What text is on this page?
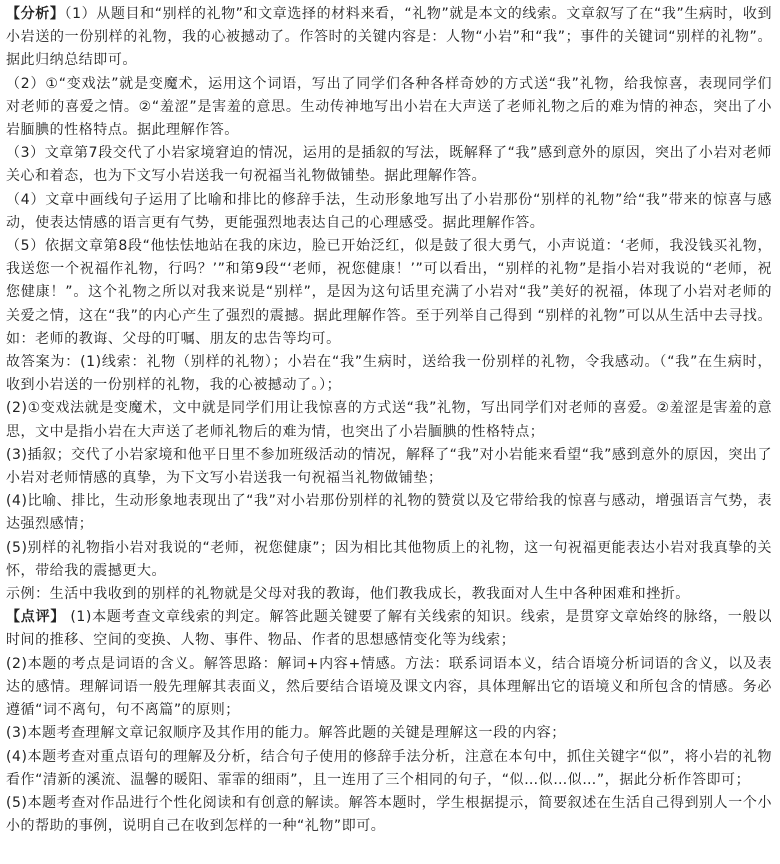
【分析】（1）从题目和“别样的礼物”和文章选择的材料来看，“礼物”就是本文的线索。文章叙写了在“我”生病时，收到小岩送的一份别样的礼物，我的心被撼动了。作答时的关键内容是：人物“小岩”和“我”；事件的关键词“别样的礼物”。据此归纳总结即可。

（2）①“变戏法”就是变魔术，运用这个词语，写出了同学们各种各样奇妙的方式送“我”礼物，给我惊喜，表现同学们对老师的喜爱之情。②“羞涩”是害羞的意思。生动传神地写出小岩在大声送了老师礼物之后的难为情的神态，突出了小岩腼腆的性格特点。据此理解作答。

（3）文章第7段交代了小岩家境窘迫的情况，运用的是插叙的写法，既解释了“我”感到意外的原因，突出了小岩对老师关心和着态，也为下文写小岩送我一句祝福当礼物做铺垫。据此理解作答。

（4）文章中画线句子运用了比喻和排比的修辞手法，生动形象地写出了小岩那份“别样的礼物”给“我”带来的惊喜与感动，使表达情感的语言更有气势，更能强烈地表达自己的心理感受。据此理解作答。

（5）依据文章第8段“他怯怯地站在我的床边，脸已开始泛红，似是鼓了很大勇气，小声说道：‘老师，我没钱买礼物，我送您一个祝福作礼物，行吗？’”和第9段“‘老师，祝您健康！’”可以看出，“别样的礼物”是指小岩对我说的“老师，祝您健康！”。这个礼物之所以对我来说是“别样”，是因为这句话里充满了小岩对“我”美好的祝福，体现了小岩对老师的关爱之情，这在“我”的内心产生了强烈的震撼。据此理解作答。至于列举自己得到 “别样的礼物”可以从生活中去寻找。如：老师的教诲、父母的叮嘱、朋友的忠告等均可。

故答案为：(1)线索：礼物（别样的礼物）；小岩在“我”生病时，送给我一份别样的礼物，令我感动。（“我”在生病时，收到小岩送的一份别样的礼物，我的心被撼动了。）；

(2)①变戏法就是变魔术，文中就是同学们用让我惊喜的方式送“我”礼物，写出同学们对老师的喜爱。②羞涩是害羞的意思，文中是指小岩在大声送了老师礼物后的难为情，也突出了小岩腼腆的性格特点；

(3)插叙；交代了小岩家境和他平日里不参加班级活动的情况，解释了“我”对小岩能来看望“我”感到意外的原因，突出了小岩对老师情感的真挚，为下文写小岩送我一句祝福当礼物做铺垫；

(4)比喻、排比，生动形象地表现出了“我”对小岩那份别样的礼物的赞赏以及它带给我的惊喜与感动，增强语言气势，表达强烈感情；

(5)别样的礼物指小岩对我说的“老师，祝您健康”；因为相比其他物质上的礼物，这一句祝福更能表达小岩对我真挚的关怀，带给我的震撼更大。

示例：生活中我收到的别样的礼物就是父母对我的教诲，他们教我成长，教我面对人生中各种困难和挫折。

【点评】 (1)本题考查文章线索的判定。解答此题关键要了解有关线索的知识。线索，是贯穿文章始终的脉络，一般以时间的推移、空间的变换、人物、事件、物品、作者的思想感情变化等为线索；

(2)本题的考点是词语的含义。解答思路：解词+内容+情感。方法：联系词语本义，结合语境分析词语的含义，以及表达的感情。理解词语一般先理解其表面义，然后要结合语境及课文内容，具体理解出它的语境义和所包含的情感。务必遵循“词不离句，句不离篇”的原则；

(3)本题考查理解文章记叙顺序及其作用的能力。解答此题的关键是理解这一段的内容；

(4)本题考查对重点语句的理解及分析，结合句子使用的修辞手法分析，注意在本句中，抓住关键字“似”，将小岩的礼物看作“清新的溪流、温馨的暖阳、霏霏的细雨”，且一连用了三个相同的句子，“似…似…似…”，据此分析作答即可；

(5)本题考查对作品进行个性化阅读和有创意的解读。解答本题时，学生根据提示，简要叙述在生活自己得到别人一个小小的帮助的事例，说明自己在收到怎样的一种“礼物”即可。
